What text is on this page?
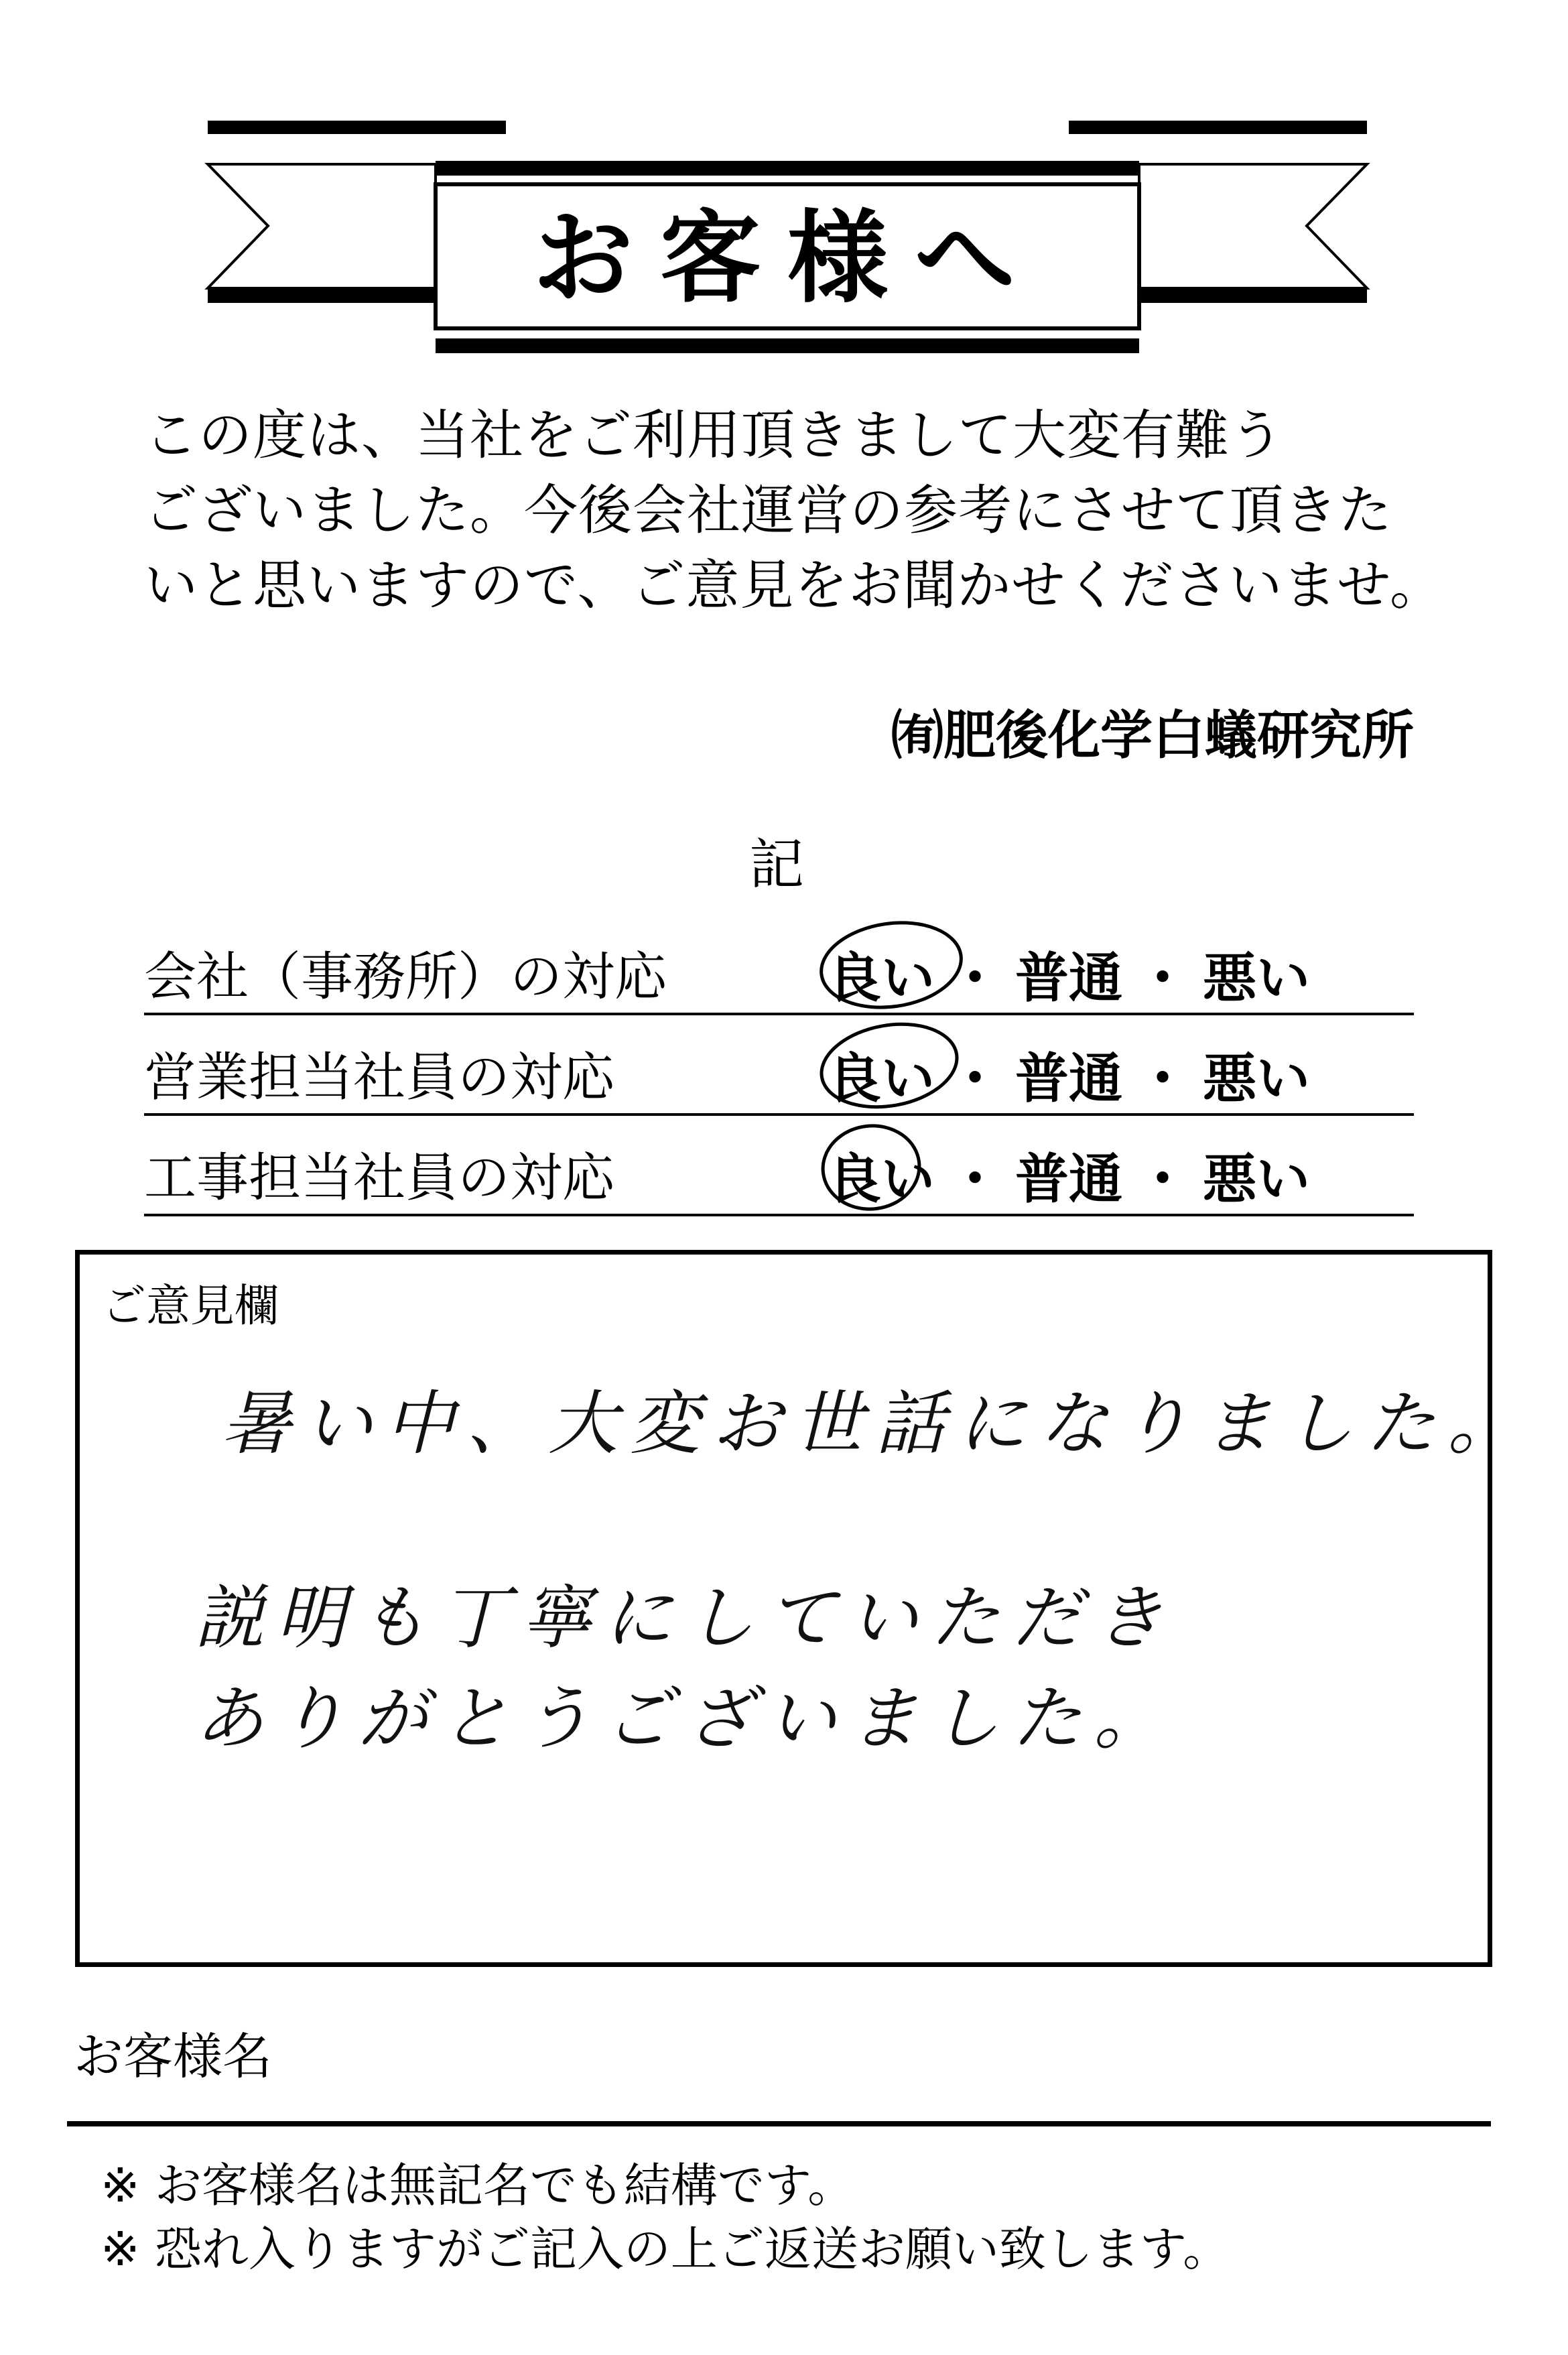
お客様へ
この度は、当社をご利用頂きまして大変有難う
ございました。今後会社運営の参考にさせて頂きた
いと思いますので、ご意見をお聞かせくださいませ。
㈲肥後化学白蟻研究所
記
会社（事務所）の対応	良い ・ 普通 ・ 悪い
営業担当社員の対応	良い ・ 普通 ・ 悪い
工事担当社員の対応	良い ・ 普通 ・ 悪い
ご意見欄
暑い中、大変お世話になりました。
説明も丁寧にしていただき
ありがとうございました。
お客様名
※ お客様名は無記名でも結構です。
※ 恐れ入りますがご記入の上ご返送お願い致します。
